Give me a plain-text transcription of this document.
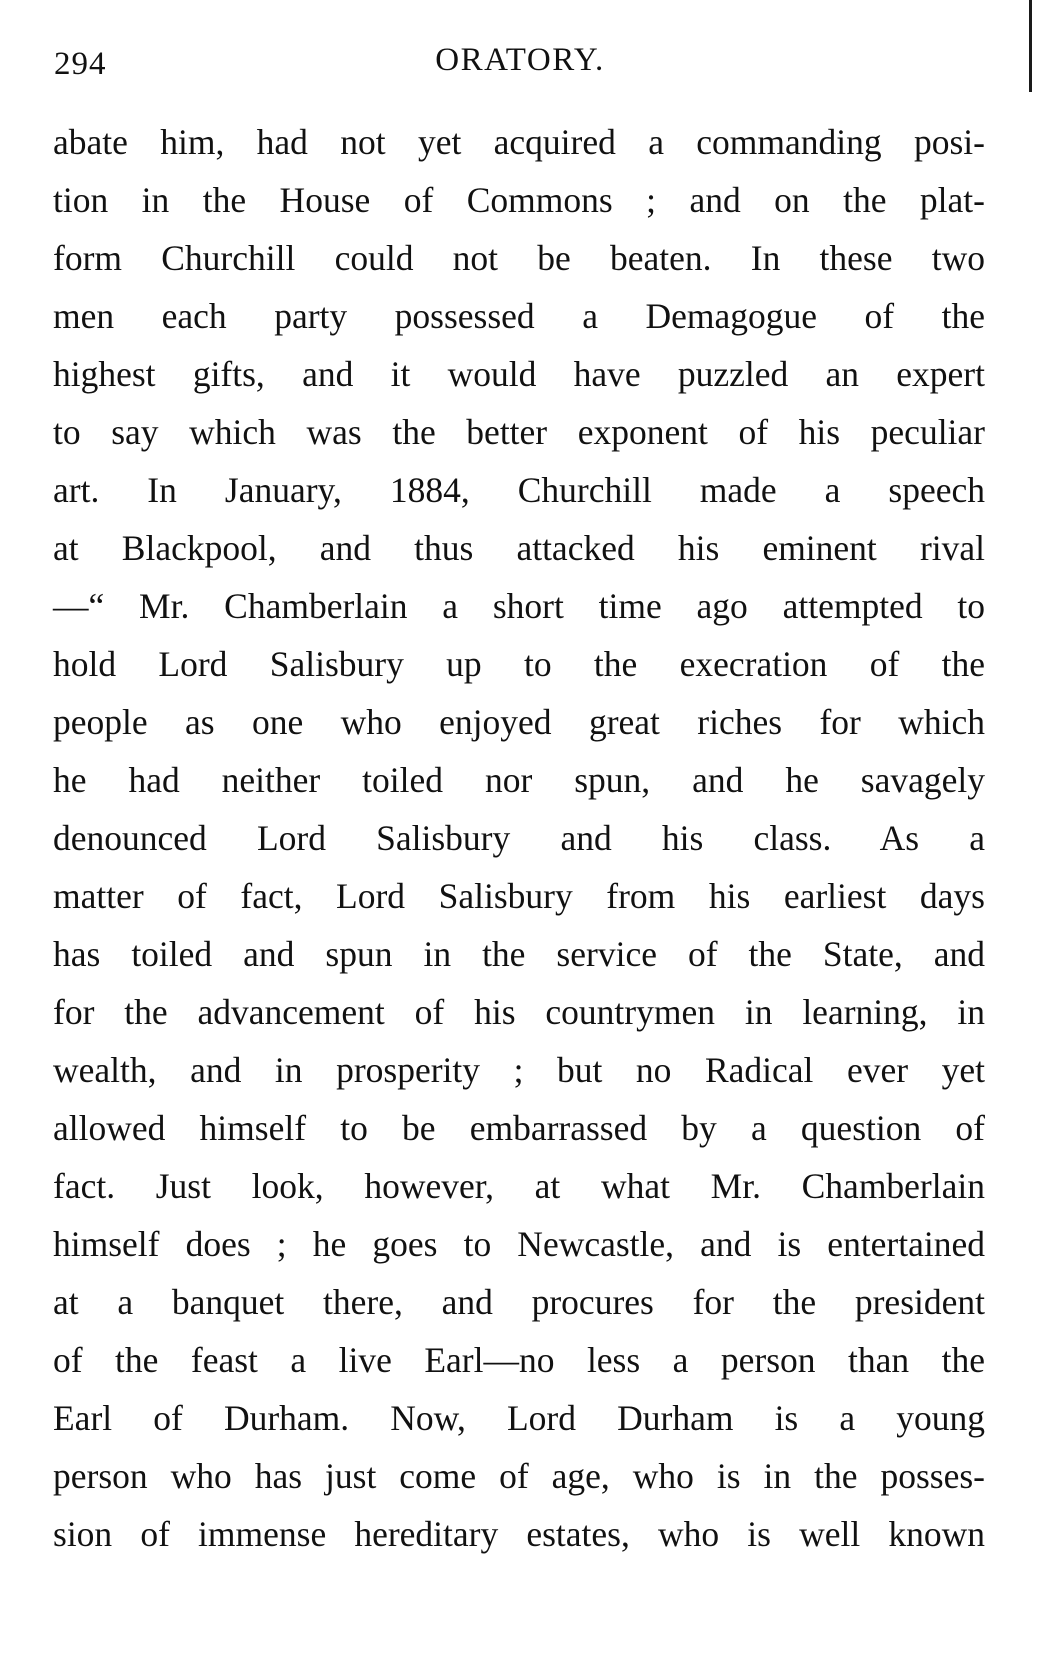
294	ORATORY.
abate him, had not yet acquired a commanding posi-
tion in the House of Commons ; and on the plat-
form Churchill could not be beaten. In these two
men each party possessed a Demagogue of the
highest gifts, and it would have puzzled an expert
to say which was the better exponent of his peculiar
art. In January, 1884, Churchill made a speech
at Blackpool, and thus attacked his eminent rival
—“ Mr. Chamberlain a short time ago attempted to
hold Lord Salisbury up to the execration of the
people as one who enjoyed great riches for which
he had neither toiled nor spun, and he savagely
denounced Lord Salisbury and his class. As a
matter of fact, Lord Salisbury from his earliest days
has toiled and spun in the service of the State, and
for the advancement of his countrymen in learning, in
wealth, and in prosperity ; but no Radical ever yet
allowed himself to be embarrassed by a question of
fact. Just look, however, at what Mr. Chamberlain
himself does ; he goes to Newcastle, and is entertained
at a banquet there, and procures for the president
of the feast a live Earl—no less a person than the
Earl of Durham. Now, Lord Durham is a young
person who has just come of age, who is in the posses-
sion of immense hereditary estates, who is well known
